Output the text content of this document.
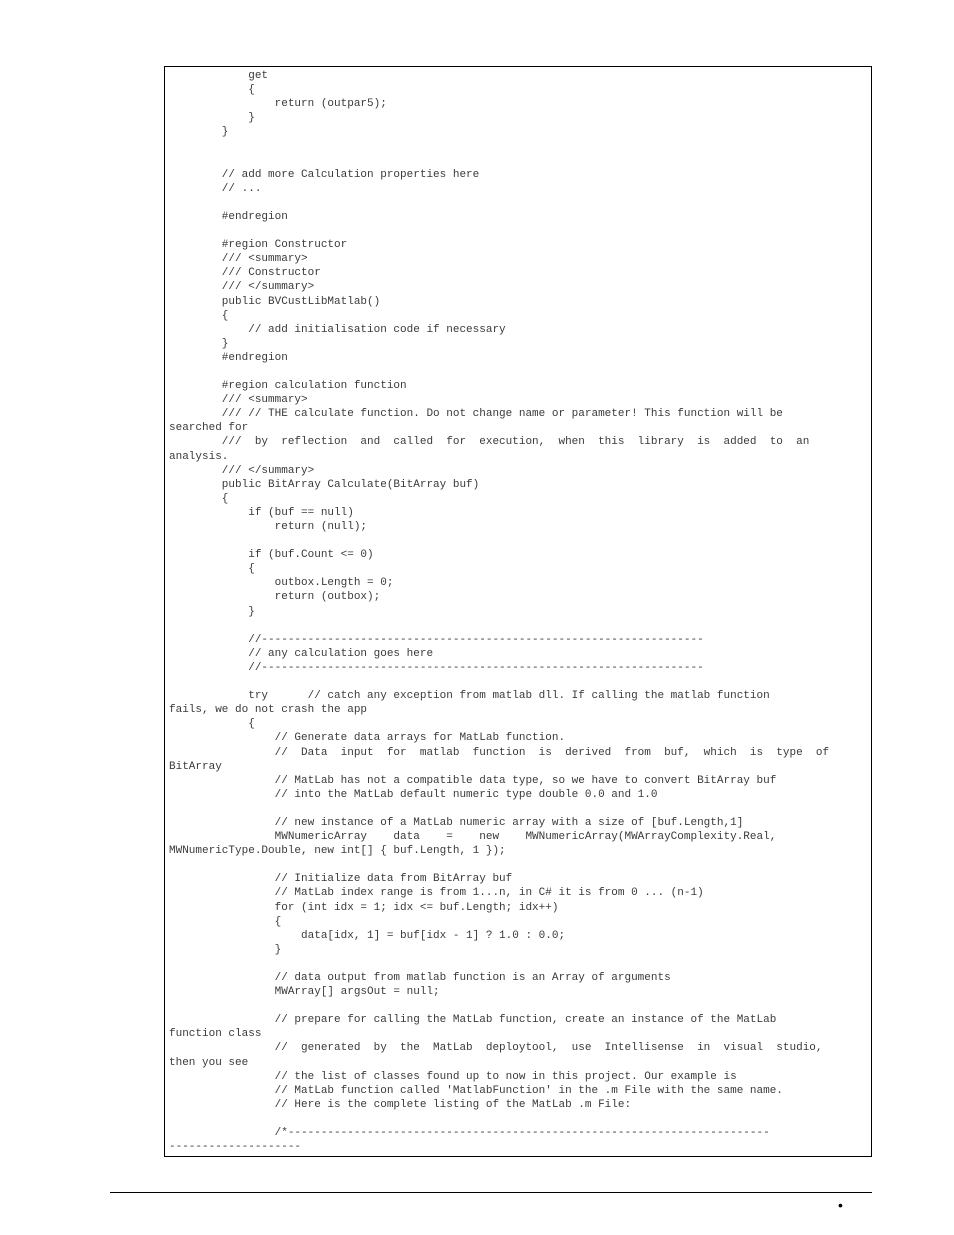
get
{
return (outpar5);
}
}
// add more Calculation properties here
// ...
#endregion
#region Constructor
/// <summary>
/// Constructor
/// </summary>
public BVCustLibMatlab()
{
// add initialisation code if necessary
}
#endregion
#region calculation function
/// <summary>
/// // THE calculate function. Do not change name or parameter! This function will be
searched for
///  by  reflection  and  called  for  execution,  when  this  library  is  added  to  an
analysis.
/// </summary>
public BitArray Calculate(BitArray buf)
{
if (buf == null)
return (null);
if (buf.Count <= 0)
{
outbox.Length = 0;
return (outbox);
}
//-------------------------------------------------------------------
// any calculation goes here
//-------------------------------------------------------------------
try      // catch any exception from matlab dll. If calling the matlab function
fails, we do not crash the app
{
// Generate data arrays for MatLab function.
//  Data  input  for  matlab  function  is  derived  from  buf,  which  is  type  of
BitArray
// MatLab has not a compatible data type, so we have to convert BitArray buf
// into the MatLab default numeric type double 0.0 and 1.0
// new instance of a MatLab numeric array with a size of [buf.Length,1]
MWNumericArray    data    =    new    MWNumericArray(MWArrayComplexity.Real,
MWNumericType.Double, new int[] { buf.Length, 1 });
// Initialize data from BitArray buf
// MatLab index range is from 1...n, in C# it is from 0 ... (n-1)
for (int idx = 1; idx <= buf.Length; idx++)
{
data[idx, 1] = buf[idx - 1] ? 1.0 : 0.0;
}
// data output from matlab function is an Array of arguments
MWArray[] argsOut = null;
// prepare for calling the MatLab function, create an instance of the MatLab
function class
//  generated  by  the  MatLab  deploytool,  use  Intellisense  in  visual  studio,
then you see
// the list of classes found up to now in this project. Our example is
// MatLab function called 'MatlabFunction' in the .m File with the same name.
// Here is the complete listing of the MatLab .m File:
/*-------------------------------------------------------------------------
--------------------
•
